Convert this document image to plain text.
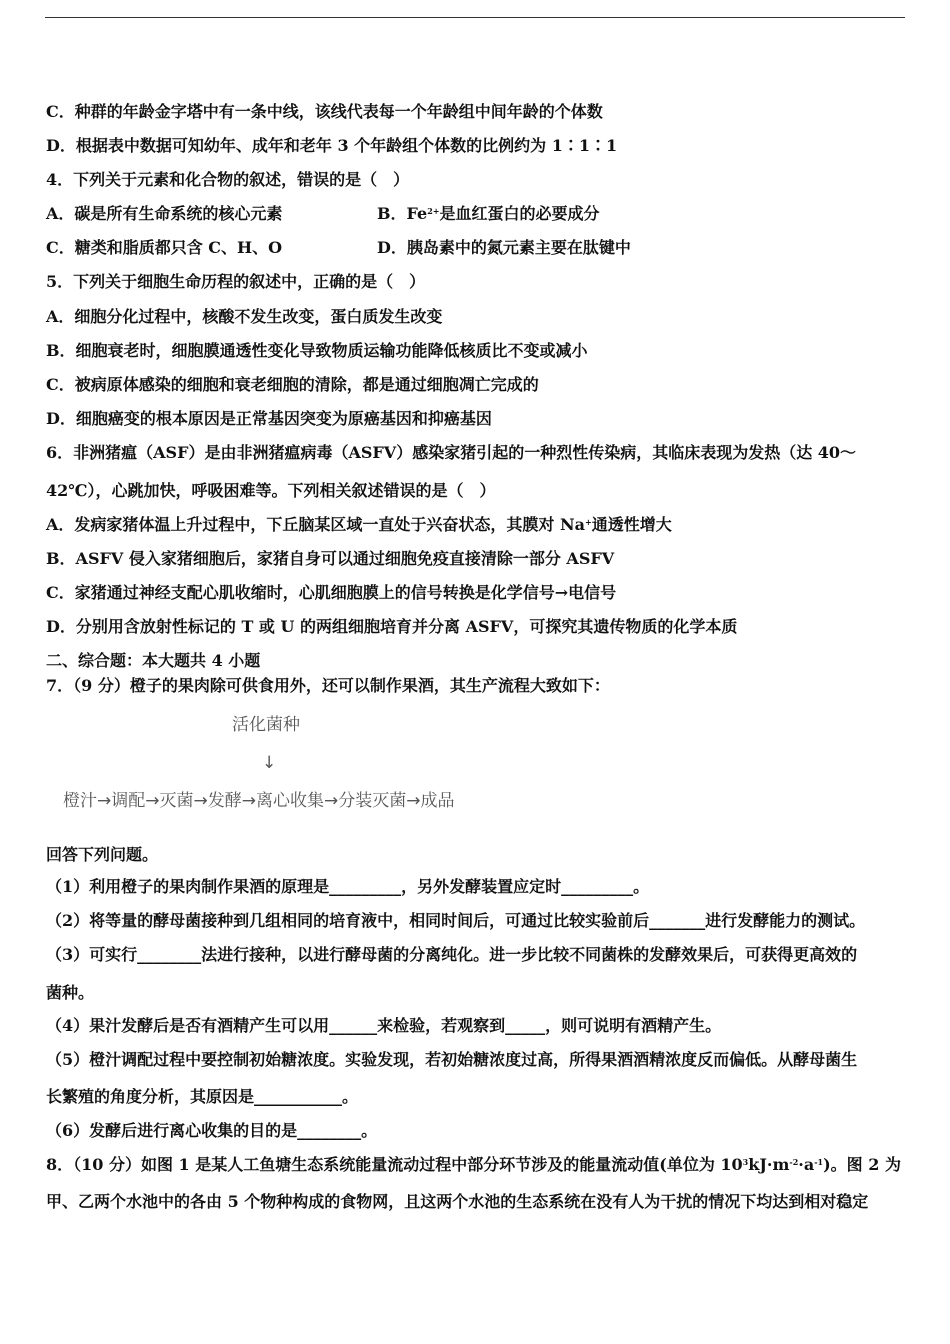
C．种群的年龄金字塔中有一条中线，该线代表每一个年龄组中间年龄的个体数
D．根据表中数据可知幼年、成年和老年 3 个年龄组个体数的比例约为 1∶1∶1
4．下列关于元素和化合物的叙述，错误的是（　）
A．碳是所有生命系统的核心元素	B．$Fe^{2+}$是血红蛋白的必要成分
C．糖类和脂质都只含 C、H、O	D．胰岛素中的氮元素主要在肽键中
5．下列关于细胞生命历程的叙述中，正确的是（　）
A．细胞分化过程中，核酸不发生改变，蛋白质发生改变
B．细胞衰老时，细胞膜通透性变化导致物质运输功能降低核质比不变或减小
C．被病原体感染的细胞和衰老细胞的清除，都是通过细胞凋亡完成的
D．细胞癌变的根本原因是正常基因突变为原癌基因和抑癌基因
6．非洲猪瘟（ASF）是由非洲猪瘟病毒（ASFV）感染家猪引起的一种烈性传染病，其临床表现为发热（达 40～
42℃），心跳加快，呼吸困难等。下列相关叙述错误的是（　）
A．发病家猪体温上升过程中，下丘脑某区域一直处于兴奋状态，其膜对 Na+通透性增大
B．ASFV 侵入家猪细胞后，家猪自身可以通过细胞免疫直接清除一部分 ASFV
C．家猪通过神经支配心肌收缩时，心肌细胞膜上的信号转换是化学信号→电信号
D．分别用含放射性标记的 T 或 U 的两组细胞培育并分离 ASFV，可探究其遗传物质的化学本质
二、综合题：本大题共 4 小题
7．（9 分）橙子的果肉除可供食用外，还可以制作果酒，其生产流程大致如下：
活化菌种
↓
橙汁→调配→灭菌→发酵→离心收集→分装灭菌→成品
回答下列问题。
（1）利用橙子的果肉制作果酒的原理是_________，另外发酵装置应定时_________。
（2）将等量的酵母菌接种到几组相同的培育液中，相同时间后，可通过比较实验前后_______进行发酵能力的测试。
（3）可实行________法进行接种，以进行酵母菌的分离纯化。进一步比较不同菌株的发酵效果后，可获得更高效的
菌种。
（4）果汁发酵后是否有酒精产生可以用______来检验，若观察到_____，则可说明有酒精产生。
（5）橙汁调配过程中要控制初始糖浓度。实验发现，若初始糖浓度过高，所得果酒酒精浓度反而偏低。从酵母菌生
长繁殖的角度分析，其原因是___________。
（6）发酵后进行离心收集的目的是________。
8．（10 分）如图 1 是某人工鱼塘生态系统能量流动过程中部分环节涉及的能量流动值(单位为 $10^3kJ\cdot m^{-2}\cdot a^{-1}$)。图 2 为
甲、乙两个水池中的各由 5 个物种构成的食物网，且这两个水池的生态系统在没有人为干扰的情况下均达到相对稳定
